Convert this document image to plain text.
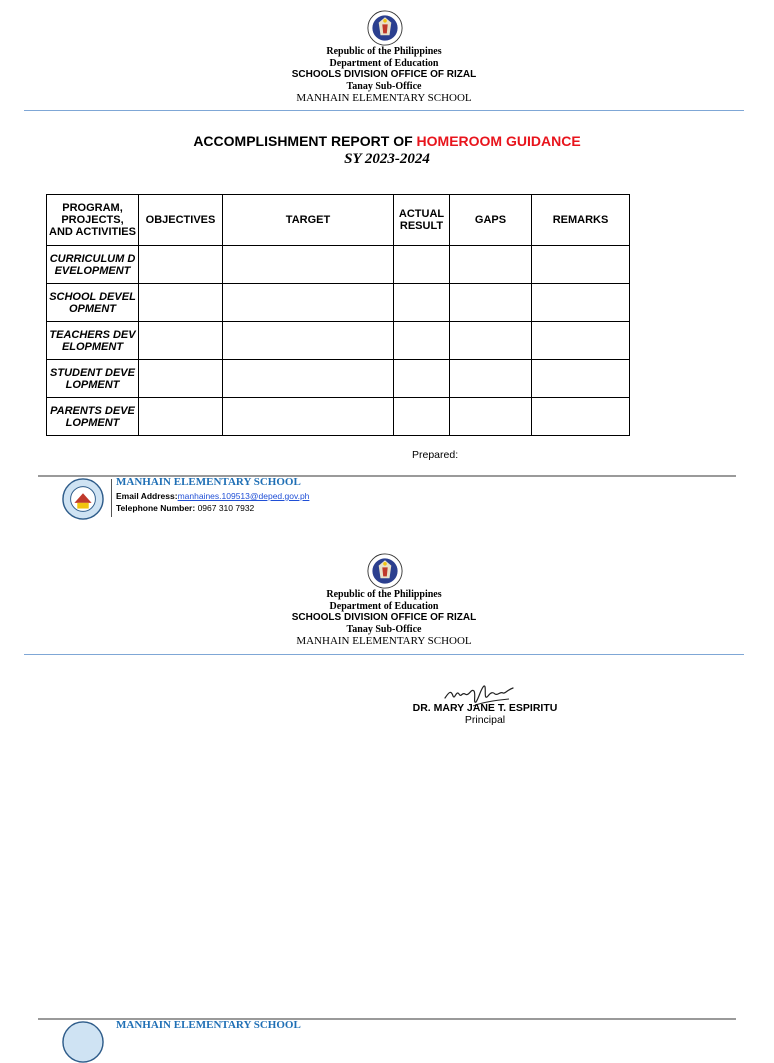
Republic of the Philippines
Department of Education
SCHOOLS DIVISION OFFICE OF RIZAL
Tanay Sub-Office
MANHAIN ELEMENTARY SCHOOL
ACCOMPLISHMENT REPORT OF HOMEROOM GUIDANCE
SY 2023-2024
PROGRAM, PROJECTS, AND ACTIVITIES	OBJECTIVES	TARGET	ACTUAL RESULT	GAPS	REMARKS
CURRICULUM DEVELOPMENT					
SCHOOL DEVELOPMENT					
TEACHERS DEVELOPMENT					
STUDENT DEVELOPMENT					
PARENTS DEVELOPMENT					
Prepared:
MANHAIN ELEMENTARY SCHOOL
Email Address:manhaines.109513@deped.gov.ph
Telephone Number: 0967 310 7932
Republic of the Philippines
Department of Education
SCHOOLS DIVISION OFFICE OF RIZAL
Tanay Sub-Office
MANHAIN ELEMENTARY SCHOOL
DR. MARY JANE T. ESPIRITU
Principal
MANHAIN ELEMENTARY SCHOOL
